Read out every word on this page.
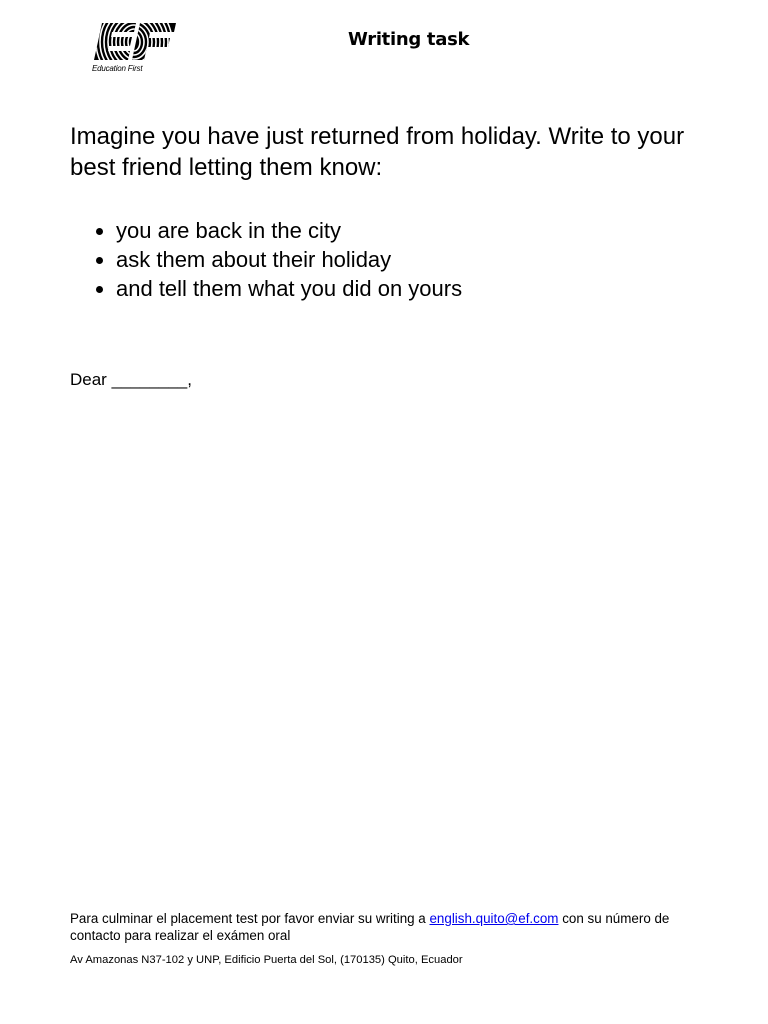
Education First
Writing task

Imagine you have just returned from holiday. Write to your best friend letting them know:

• you are back in the city
• ask them about their holiday
• and tell them what you did on yours
Dear ________,

Para culminar el placement test por favor enviar su writing a english.quito@ef.com con su número de contacto para realizar el exámen oral

Av Amazonas N37-102 y UNP, Edificio Puerta del Sol, (170135) Quito, Ecuador
